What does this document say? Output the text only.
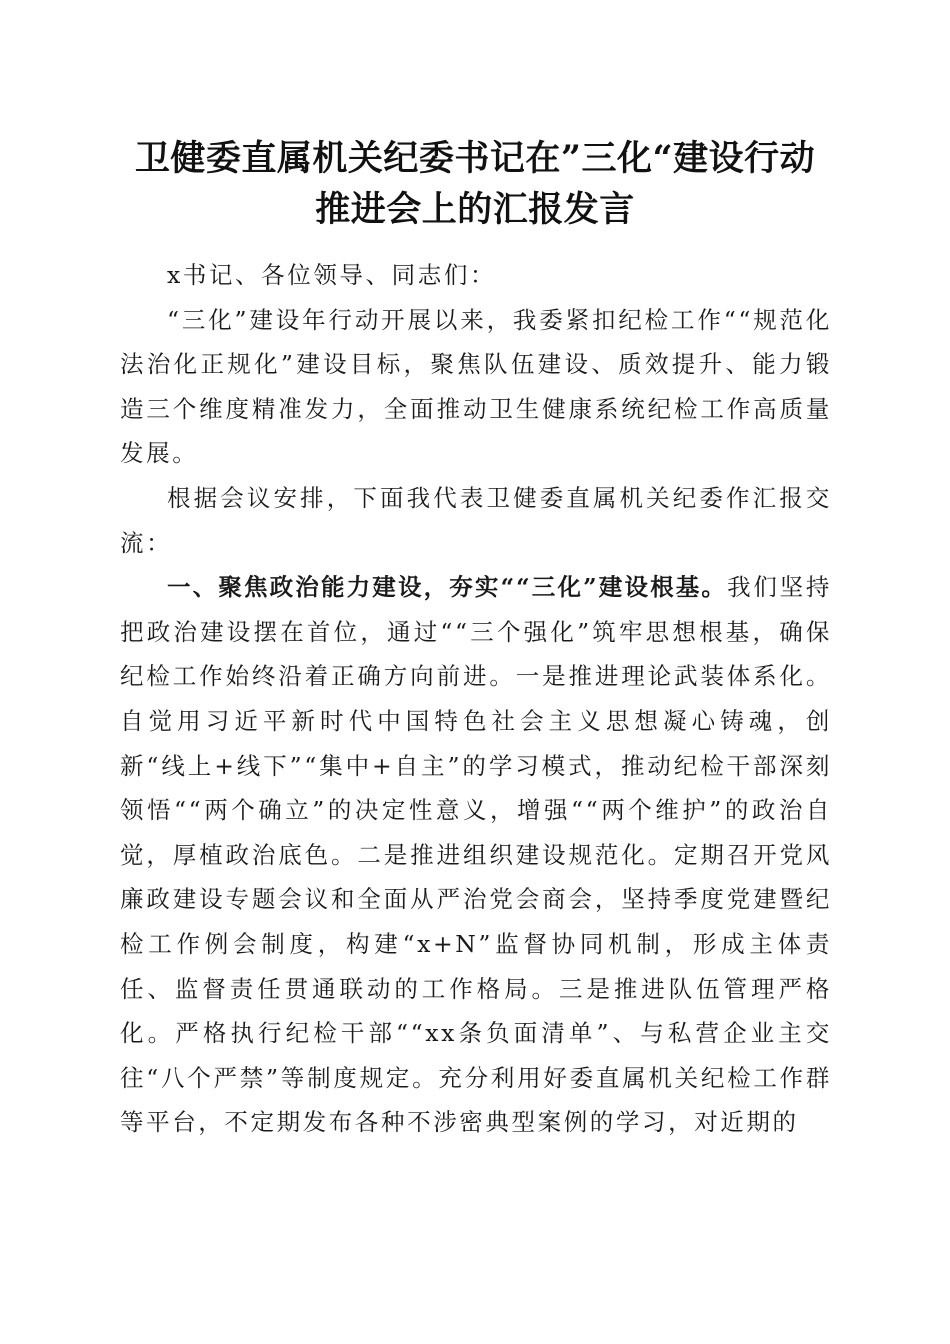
卫健委直属机关纪委书记在”三化“建设行动
推进会上的汇报发言

x书记、各位领导、同志们：

“三化”建设年行动开展以来，我委紧扣纪检工作““规范化法治化正规化”建设目标，聚焦队伍建设、质效提升、能力锻造三个维度精准发力，全面推动卫生健康系统纪检工作高质量发展。

根据会议安排，下面我代表卫健委直属机关纪委作汇报交流：

一、聚焦政治能力建设，夯实““三化”建设根基。我们坚持把政治建设摆在首位，通过““三个强化”筑牢思想根基，确保纪检工作始终沿着正确方向前进。一是推进理论武装体系化。自觉用习近平新时代中国特色社会主义思想凝心铸魂，创新“线上+线下”“集中+自主”的学习模式，推动纪检干部深刻领悟““两个确立”的决定性意义，增强““两个维护”的政治自觉，厚植政治底色。二是推进组织建设规范化。定期召开党风廉政建设专题会议和全面从严治党会商会，坚持季度党建暨纪检工作例会制度，构建“x+N”监督协同机制，形成主体责任、监督责任贯通联动的工作格局。三是推进队伍管理严格化。严格执行纪检干部““xx条负面清单”、与私营企业主交往“八个严禁”等制度规定。充分利用好委直属机关纪检工作群等平台，不定期发布各种不涉密典型案例的学习，对近期的
